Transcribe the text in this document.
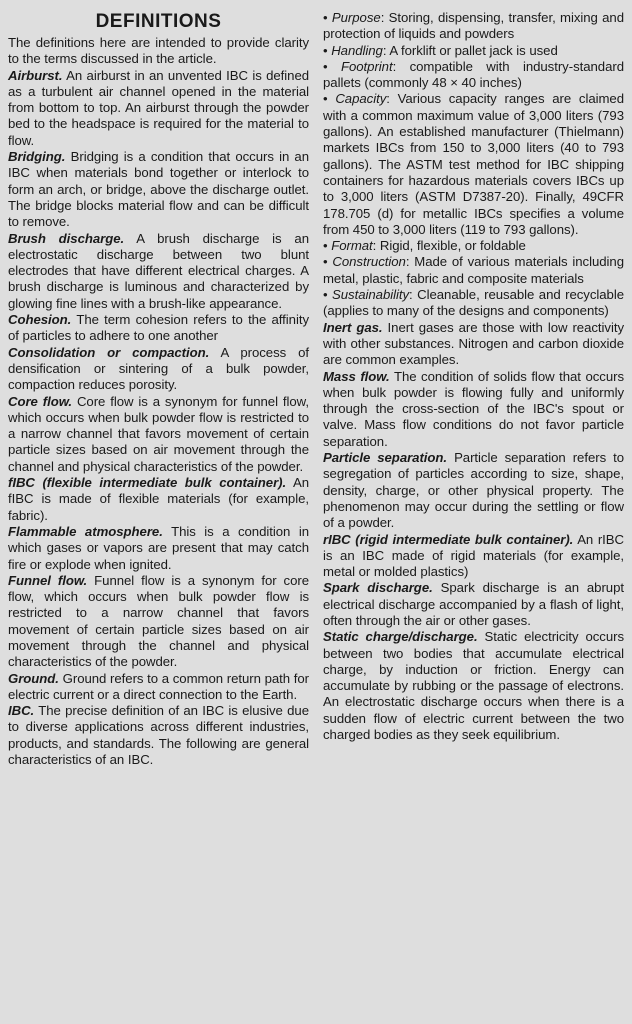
DEFINITIONS

The definitions here are intended to provide clarity to the terms discussed in the article.

Airburst. An airburst in an unvented IBC is defined as a turbulent air channel opened in the material from bottom to top. An airburst through the powder bed to the headspace is required for the material to flow.

Bridging. Bridging is a condition that occurs in an IBC when materials bond together or interlock to form an arch, or bridge, above the discharge outlet. The bridge blocks material flow and can be difficult to remove.

Brush discharge. A brush discharge is an electrostatic discharge between two blunt electrodes that have different electrical charges. A brush discharge is luminous and characterized by glowing fine lines with a brush-like appearance.

Cohesion. The term cohesion refers to the affinity of particles to adhere to one another

Consolidation or compaction. A process of densification or sintering of a bulk powder, compaction reduces porosity.

Core flow. Core flow is a synonym for funnel flow, which occurs when bulk powder flow is restricted to a narrow channel that favors movement of certain particle sizes based on air movement through the channel and physical characteristics of the powder.

fIBC (flexible intermediate bulk container). An fIBC is made of flexible materials (for example, fabric).

Flammable atmosphere. This is a condition in which gases or vapors are present that may catch fire or explode when ignited.

Funnel flow. Funnel flow is a synonym for core flow, which occurs when bulk powder flow is restricted to a narrow channel that favors movement of certain particle sizes based on air movement through the channel and physical characteristics of the powder.

Ground. Ground refers to a common return path for electric current or a direct connection to the Earth.

IBC. The precise definition of an IBC is elusive due to diverse applications across different industries, products, and standards. The following are general characteristics of an IBC.

• Purpose: Storing, dispensing, transfer, mixing and protection of liquids and powders

• Handling: A forklift or pallet jack is used

• Footprint: compatible with industry-standard pallets (commonly 48 × 40 inches)

• Capacity: Various capacity ranges are claimed with a common maximum value of 3,000 liters (793 gallons). An established manufacturer (Thielmann) markets IBCs from 150 to 3,000 liters (40 to 793 gallons). The ASTM test method for IBC shipping containers for hazardous materials covers IBCs up to 3,000 liters (ASTM D7387-20). Finally, 49CFR 178.705 (d) for metallic IBCs specifies a volume from 450 to 3,000 liters (119 to 793 gallons).

• Format: Rigid, flexible, or foldable

• Construction: Made of various materials including metal, plastic, fabric and composite materials

• Sustainability: Cleanable, reusable and recyclable (applies to many of the designs and components)

Inert gas. Inert gases are those with low reactivity with other substances. Nitrogen and carbon dioxide are common examples.

Mass flow. The condition of solids flow that occurs when bulk powder is flowing fully and uniformly through the cross-section of the IBC's spout or valve. Mass flow conditions do not favor particle separation.

Particle separation. Particle separation refers to segregation of particles according to size, shape, density, charge, or other physical property. The phenomenon may occur during the settling or flow of a powder.

rIBC (rigid intermediate bulk container). An rIBC is an IBC made of rigid materials (for example, metal or molded plastics)

Spark discharge. Spark discharge is an abrupt electrical discharge accompanied by a flash of light, often through the air or other gases.

Static charge/discharge. Static electricity occurs between two bodies that accumulate electrical charge, by induction or friction. Energy can accumulate by rubbing or the passage of electrons. An electrostatic discharge occurs when there is a sudden flow of electric current between the two charged bodies as they seek equilibrium.
